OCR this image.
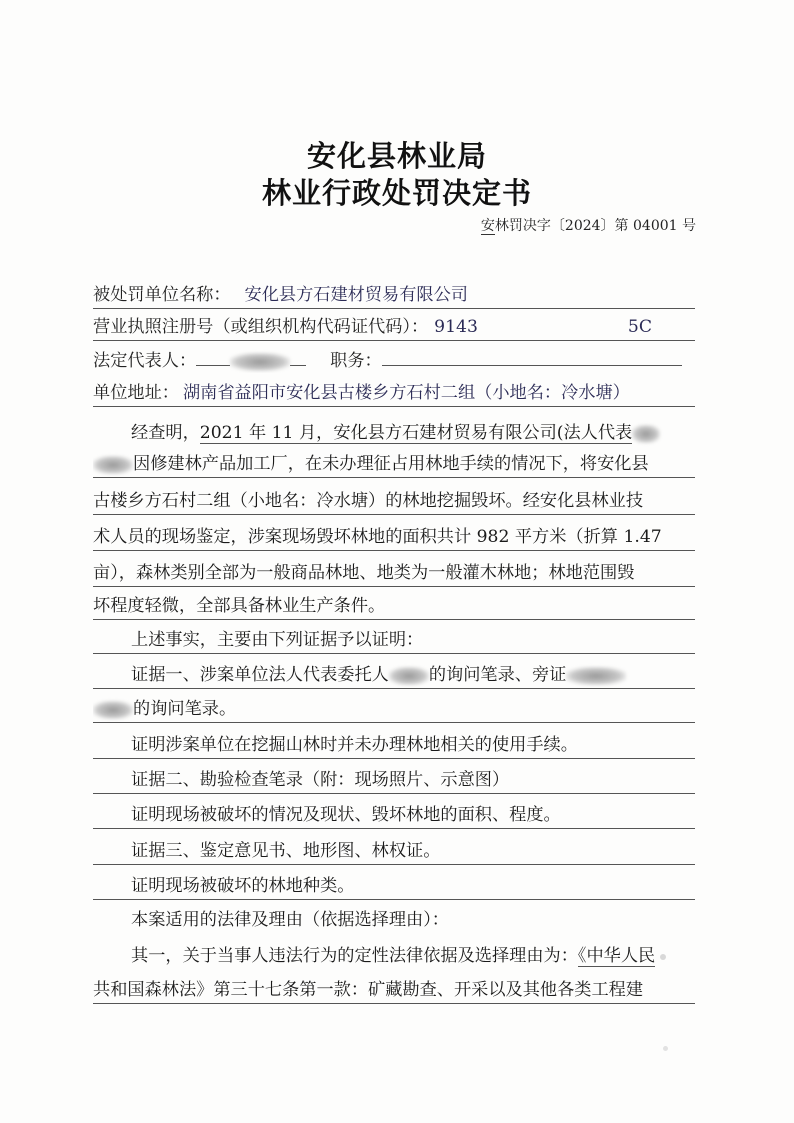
安化县林业局
林业行政处罚决定书
安林罚决字〔2024〕第 04001 号
被处罚单位名称： 安化县方石建材贸易有限公司
营业执照注册号（或组织机构代码证代码）： 9143	5C
法定代表人：	职务：
单位地址： 湖南省益阳市安化县古楼乡方石村二组（小地名：冷水塘）
经查明，2021 年 11 月，安化县方石建材贸易有限公司(法人代表
因修建林产品加工厂，在未办理征占用林地手续的情况下，将安化县
古楼乡方石村二组（小地名：冷水塘）的林地挖掘毁坏。经安化县林业技
术人员的现场鉴定，涉案现场毁坏林地的面积共计 982 平方米（折算 1.47
亩），森林类别全部为一般商品林地、地类为一般灌木林地；林地范围毁
坏程度轻微，全部具备林业生产条件。
上述事实，主要由下列证据予以证明：
证据一、涉案单位法人代表委托人 的询问笔录、旁证
的询问笔录。
证明涉案单位在挖掘山林时并未办理林地相关的使用手续。
证据二、勘验检查笔录（附：现场照片、示意图）
证明现场被破坏的情况及现状、毁坏林地的面积、程度。
证据三、鉴定意见书、地形图、林权证。
证明现场被破坏的林地种类。
本案适用的法律及理由（依据选择理由）：
其一，关于当事人违法行为的定性法律依据及选择理由为：《中华人民
共和国森林法》第三十七条第一款：矿藏勘查、开采以及其他各类工程建
